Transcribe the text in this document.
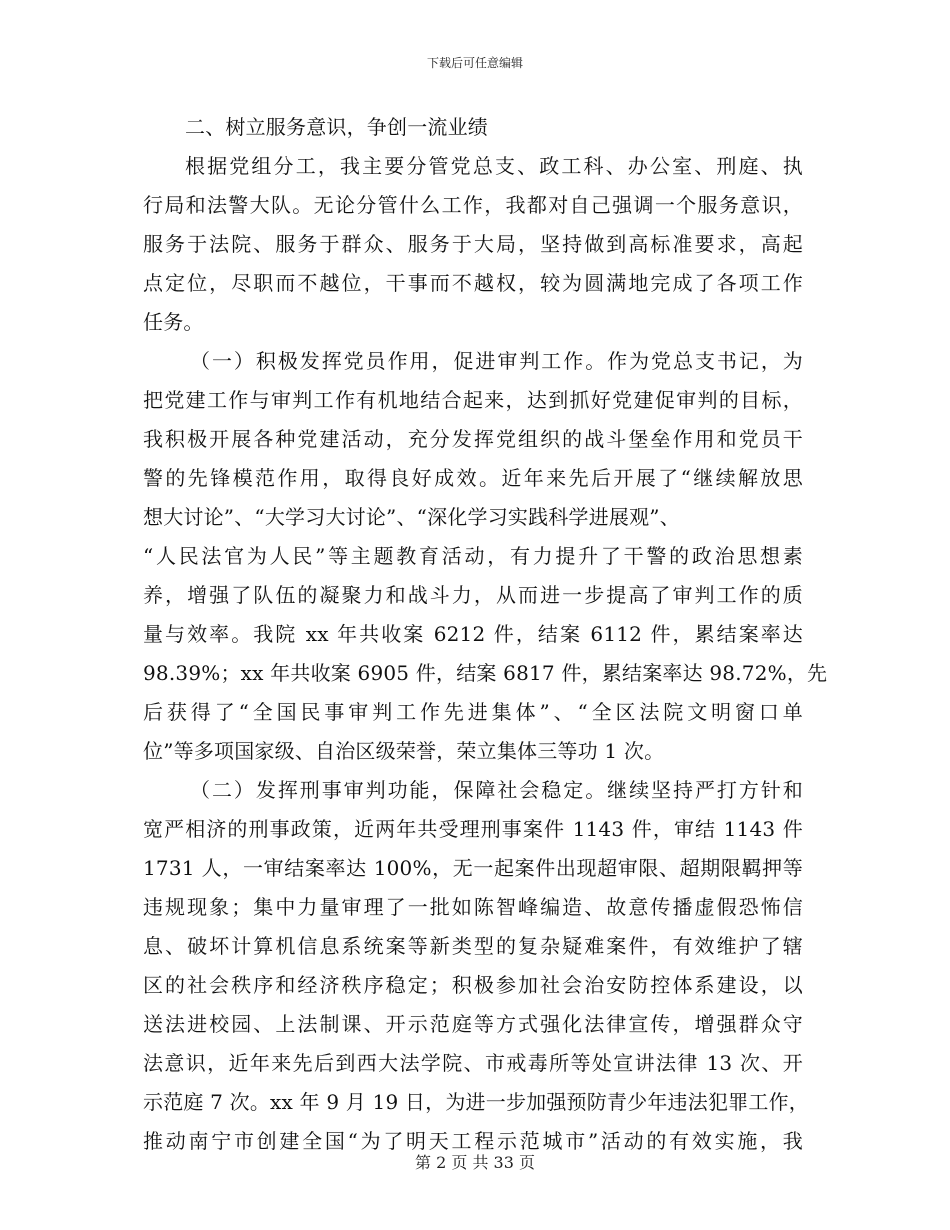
下载后可任意编辑
二、树立服务意识，争创一流业绩
根据党组分工，我主要分管党总支、政工科、办公室、刑庭、执
行局和法警大队。无论分管什么工作，我都对自己强调一个服务意识，
服务于法院、服务于群众、服务于大局，坚持做到高标准要求，高起
点定位，尽职而不越位，干事而不越权，较为圆满地完成了各项工作
任务。
（一）积极发挥党员作用，促进审判工作。作为党总支书记，为
把党建工作与审判工作有机地结合起来，达到抓好党建促审判的目标，
我积极开展各种党建活动，充分发挥党组织的战斗堡垒作用和党员干
警的先锋模范作用，取得良好成效。近年来先后开展了“继续解放思
想大讨论”、“大学习大讨论”、“深化学习实践科学进展观”、
“人民法官为人民”等主题教育活动，有力提升了干警的政治思想素
养，增强了队伍的凝聚力和战斗力，从而进一步提高了审判工作的质
量与效率。我院 xx 年共收案 6212 件，结案 6112 件，累结案率达
98.39%；xx 年共收案 6905 件，结案 6817 件，累结案率达 98.72%，先
后获得了“全国民事审判工作先进集体”、“全区法院文明窗口单
位”等多项国家级、自治区级荣誉，荣立集体三等功 1 次。
（二）发挥刑事审判功能，保障社会稳定。继续坚持严打方针和
宽严相济的刑事政策，近两年共受理刑事案件 1143 件，审结 1143 件
1731 人，一审结案率达 100%，无一起案件出现超审限、超期限羁押等
违规现象；集中力量审理了一批如陈智峰编造、故意传播虚假恐怖信
息、破坏计算机信息系统案等新类型的复杂疑难案件，有效维护了辖
区的社会秩序和经济秩序稳定；积极参加社会治安防控体系建设，以
送法进校园、上法制课、开示范庭等方式强化法律宣传，增强群众守
法意识，近年来先后到西大法学院、市戒毒所等处宣讲法律 13 次、开
示范庭 7 次。xx 年 9 月 19 日，为进一步加强预防青少年违法犯罪工作，
推动南宁市创建全国“为了明天工程示范城市”活动的有效实施，我
第 2 页 共 33 页
